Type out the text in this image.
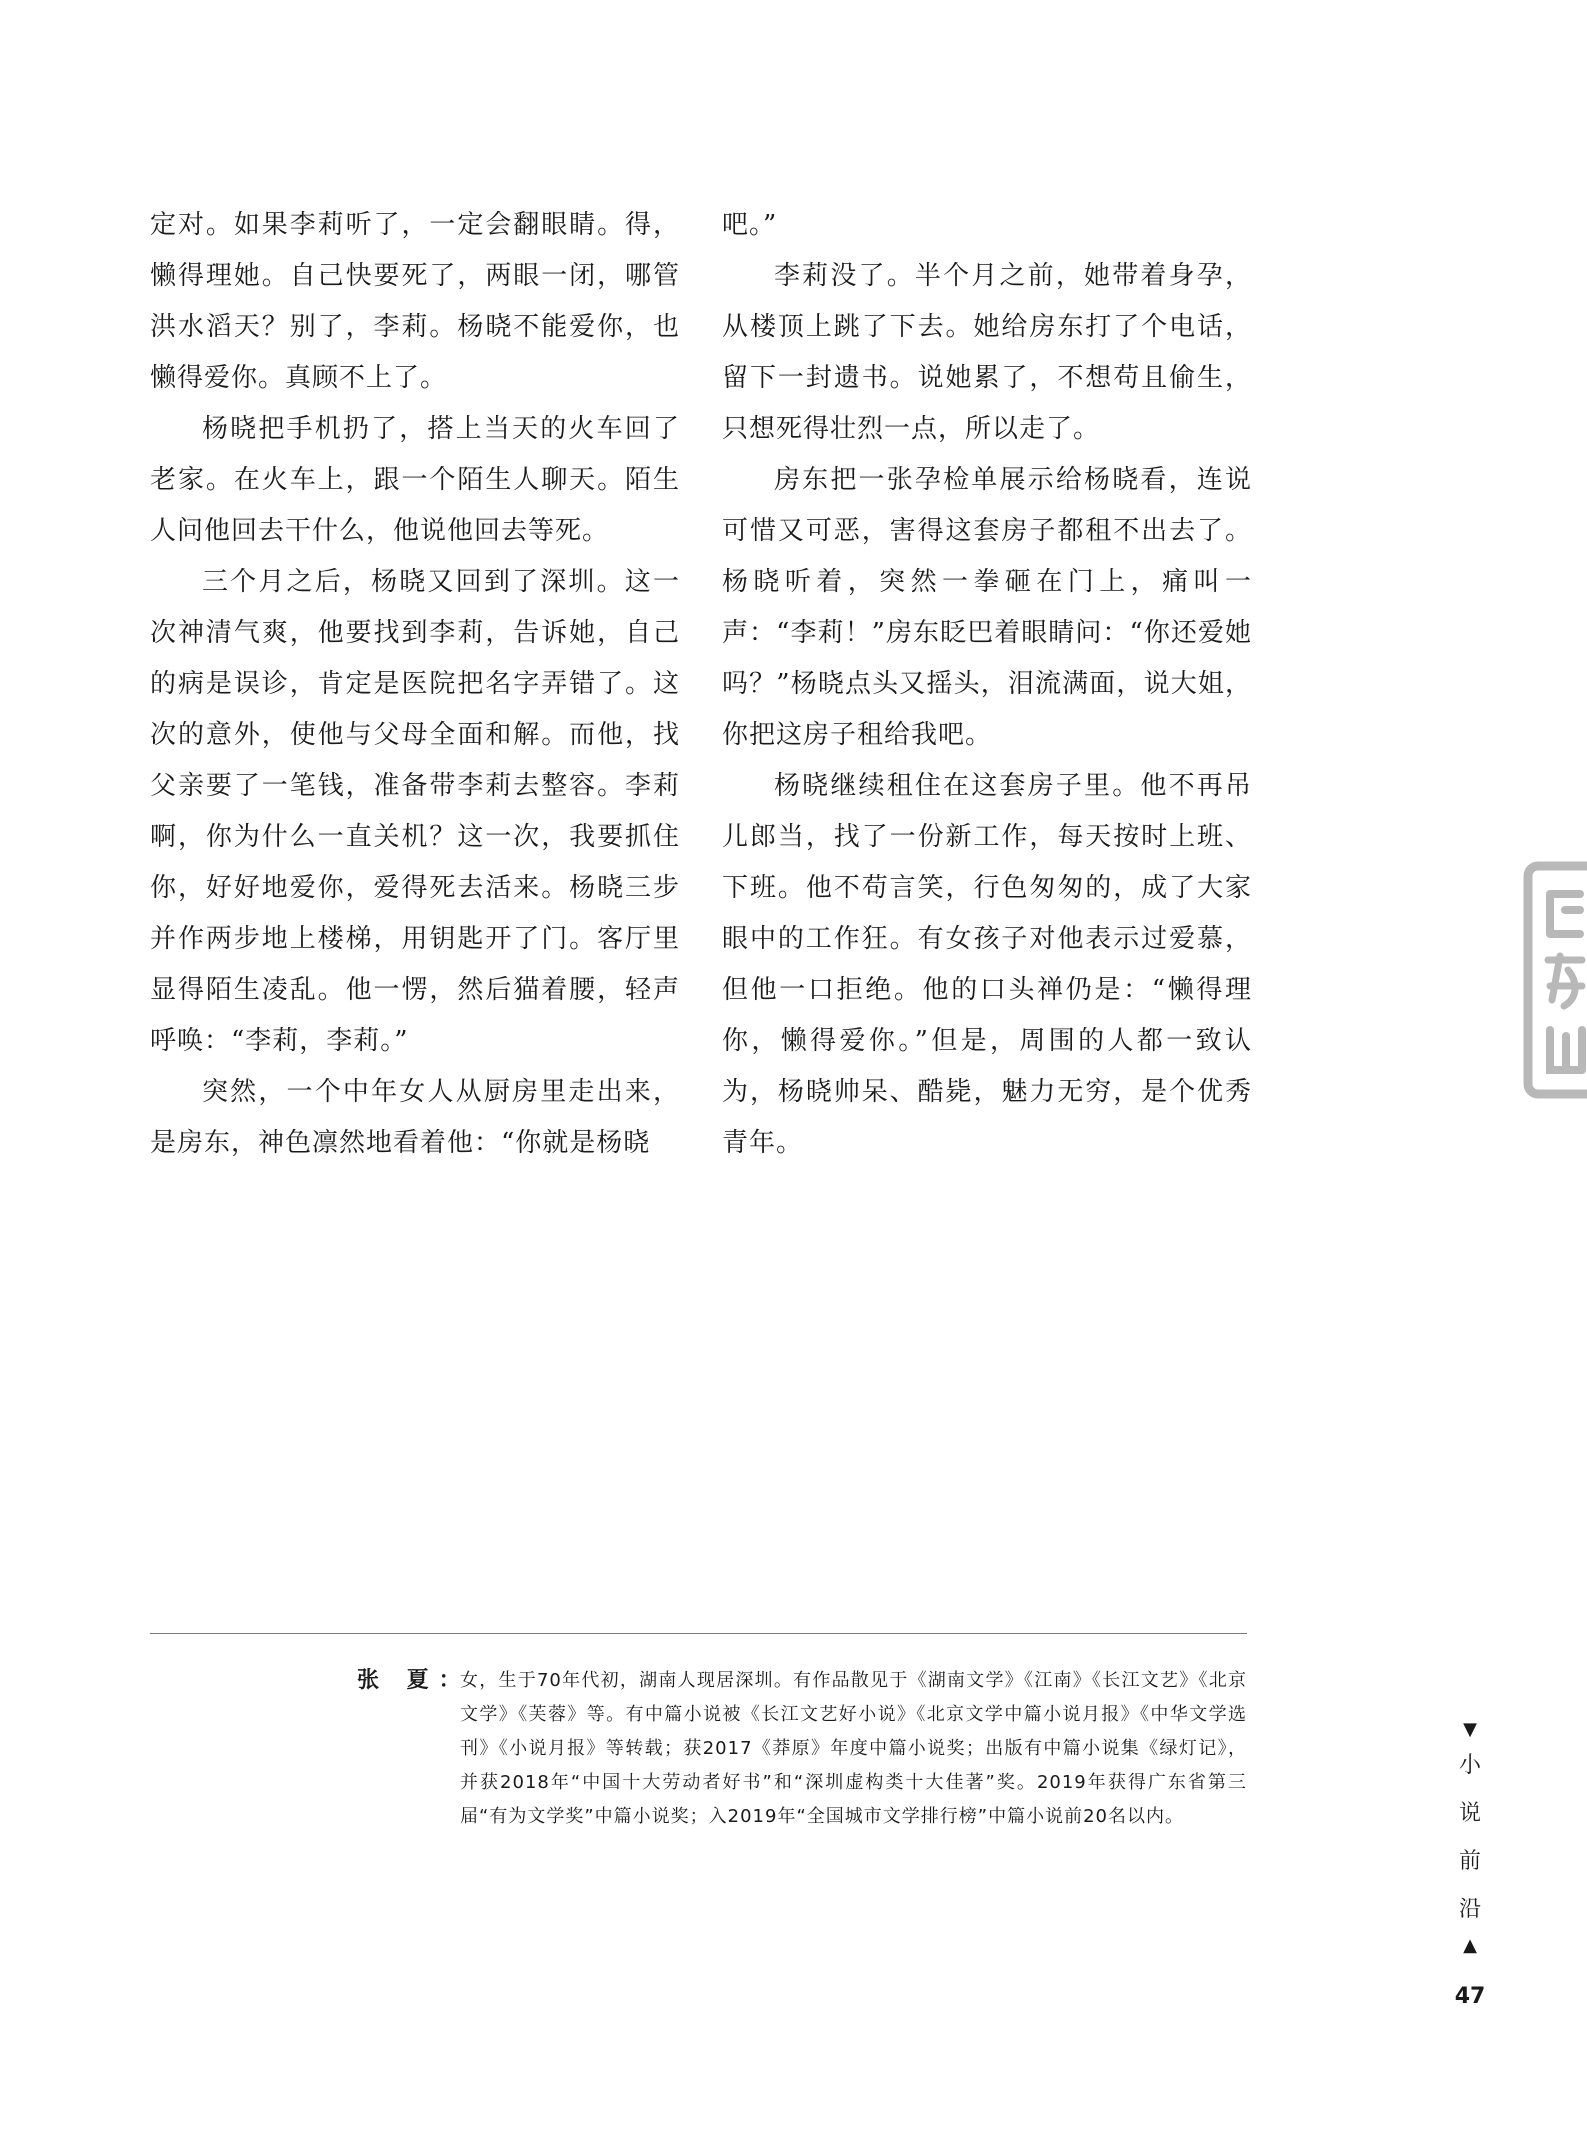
定对。如果李莉听了，一定会翻眼睛。得，懒得理她。自己快要死了，两眼一闭，哪管洪水滔天？别了，李莉。杨晓不能爱你，也懒得爱你。真顾不上了。

杨晓把手机扔了，搭上当天的火车回了老家。在火车上，跟一个陌生人聊天。陌生人问他回去干什么，他说他回去等死。

三个月之后，杨晓又回到了深圳。这一次神清气爽，他要找到李莉，告诉她，自己的病是误诊，肯定是医院把名字弄错了。这次的意外，使他与父母全面和解。而他，找父亲要了一笔钱，准备带李莉去整容。李莉啊，你为什么一直关机？这一次，我要抓住你，好好地爱你，爱得死去活来。杨晓三步并作两步地上楼梯，用钥匙开了门。客厅里显得陌生凌乱。他一愣，然后猫着腰，轻声呼唤：“李莉，李莉。”

突然，一个中年女人从厨房里走出来，是房东，神色凛然地看着他：“你就是杨晓

吧。”

李莉没了。半个月之前，她带着身孕，从楼顶上跳了下去。她给房东打了个电话，留下一封遗书。说她累了，不想苟且偷生，只想死得壮烈一点，所以走了。

房东把一张孕检单展示给杨晓看，连说可惜又可恶，害得这套房子都租不出去了。杨晓听着，突然一拳砸在门上，痛叫一声：“李莉！”房东眨巴着眼睛问：“你还爱她吗？”杨晓点头又摇头，泪流满面，说大姐，你把这房子租给我吧。

杨晓继续租住在这套房子里。他不再吊儿郎当，找了一份新工作，每天按时上班、下班。他不苟言笑，行色匆匆的，成了大家眼中的工作狂。有女孩子对他表示过爱慕，但他一口拒绝。他的口头禅仍是：“懒得理你，懒得爱你。”但是，周围的人都一致认为，杨晓帅呆、酷毙，魅力无穷，是个优秀青年。

张 夏：
女，生于70年代初，湖南人现居深圳。有作品散见于《湖南文学》《江南》《长江文艺》《北京文学》《芙蓉》等。有中篇小说被《长江文艺好小说》《北京文学中篇小说月报》《中华文学选刊》《小说月报》等转载；获2017《莽原》年度中篇小说奖；出版有中篇小说集《绿灯记》，并获2018年“中国十大劳动者好书”和“深圳虚构类十大佳著”奖。2019年获得广东省第三届“有为文学奖”中篇小说奖；入2019年“全国城市文学排行榜”中篇小说前20名以内。
▼
小
说
前
沿
▲
47
